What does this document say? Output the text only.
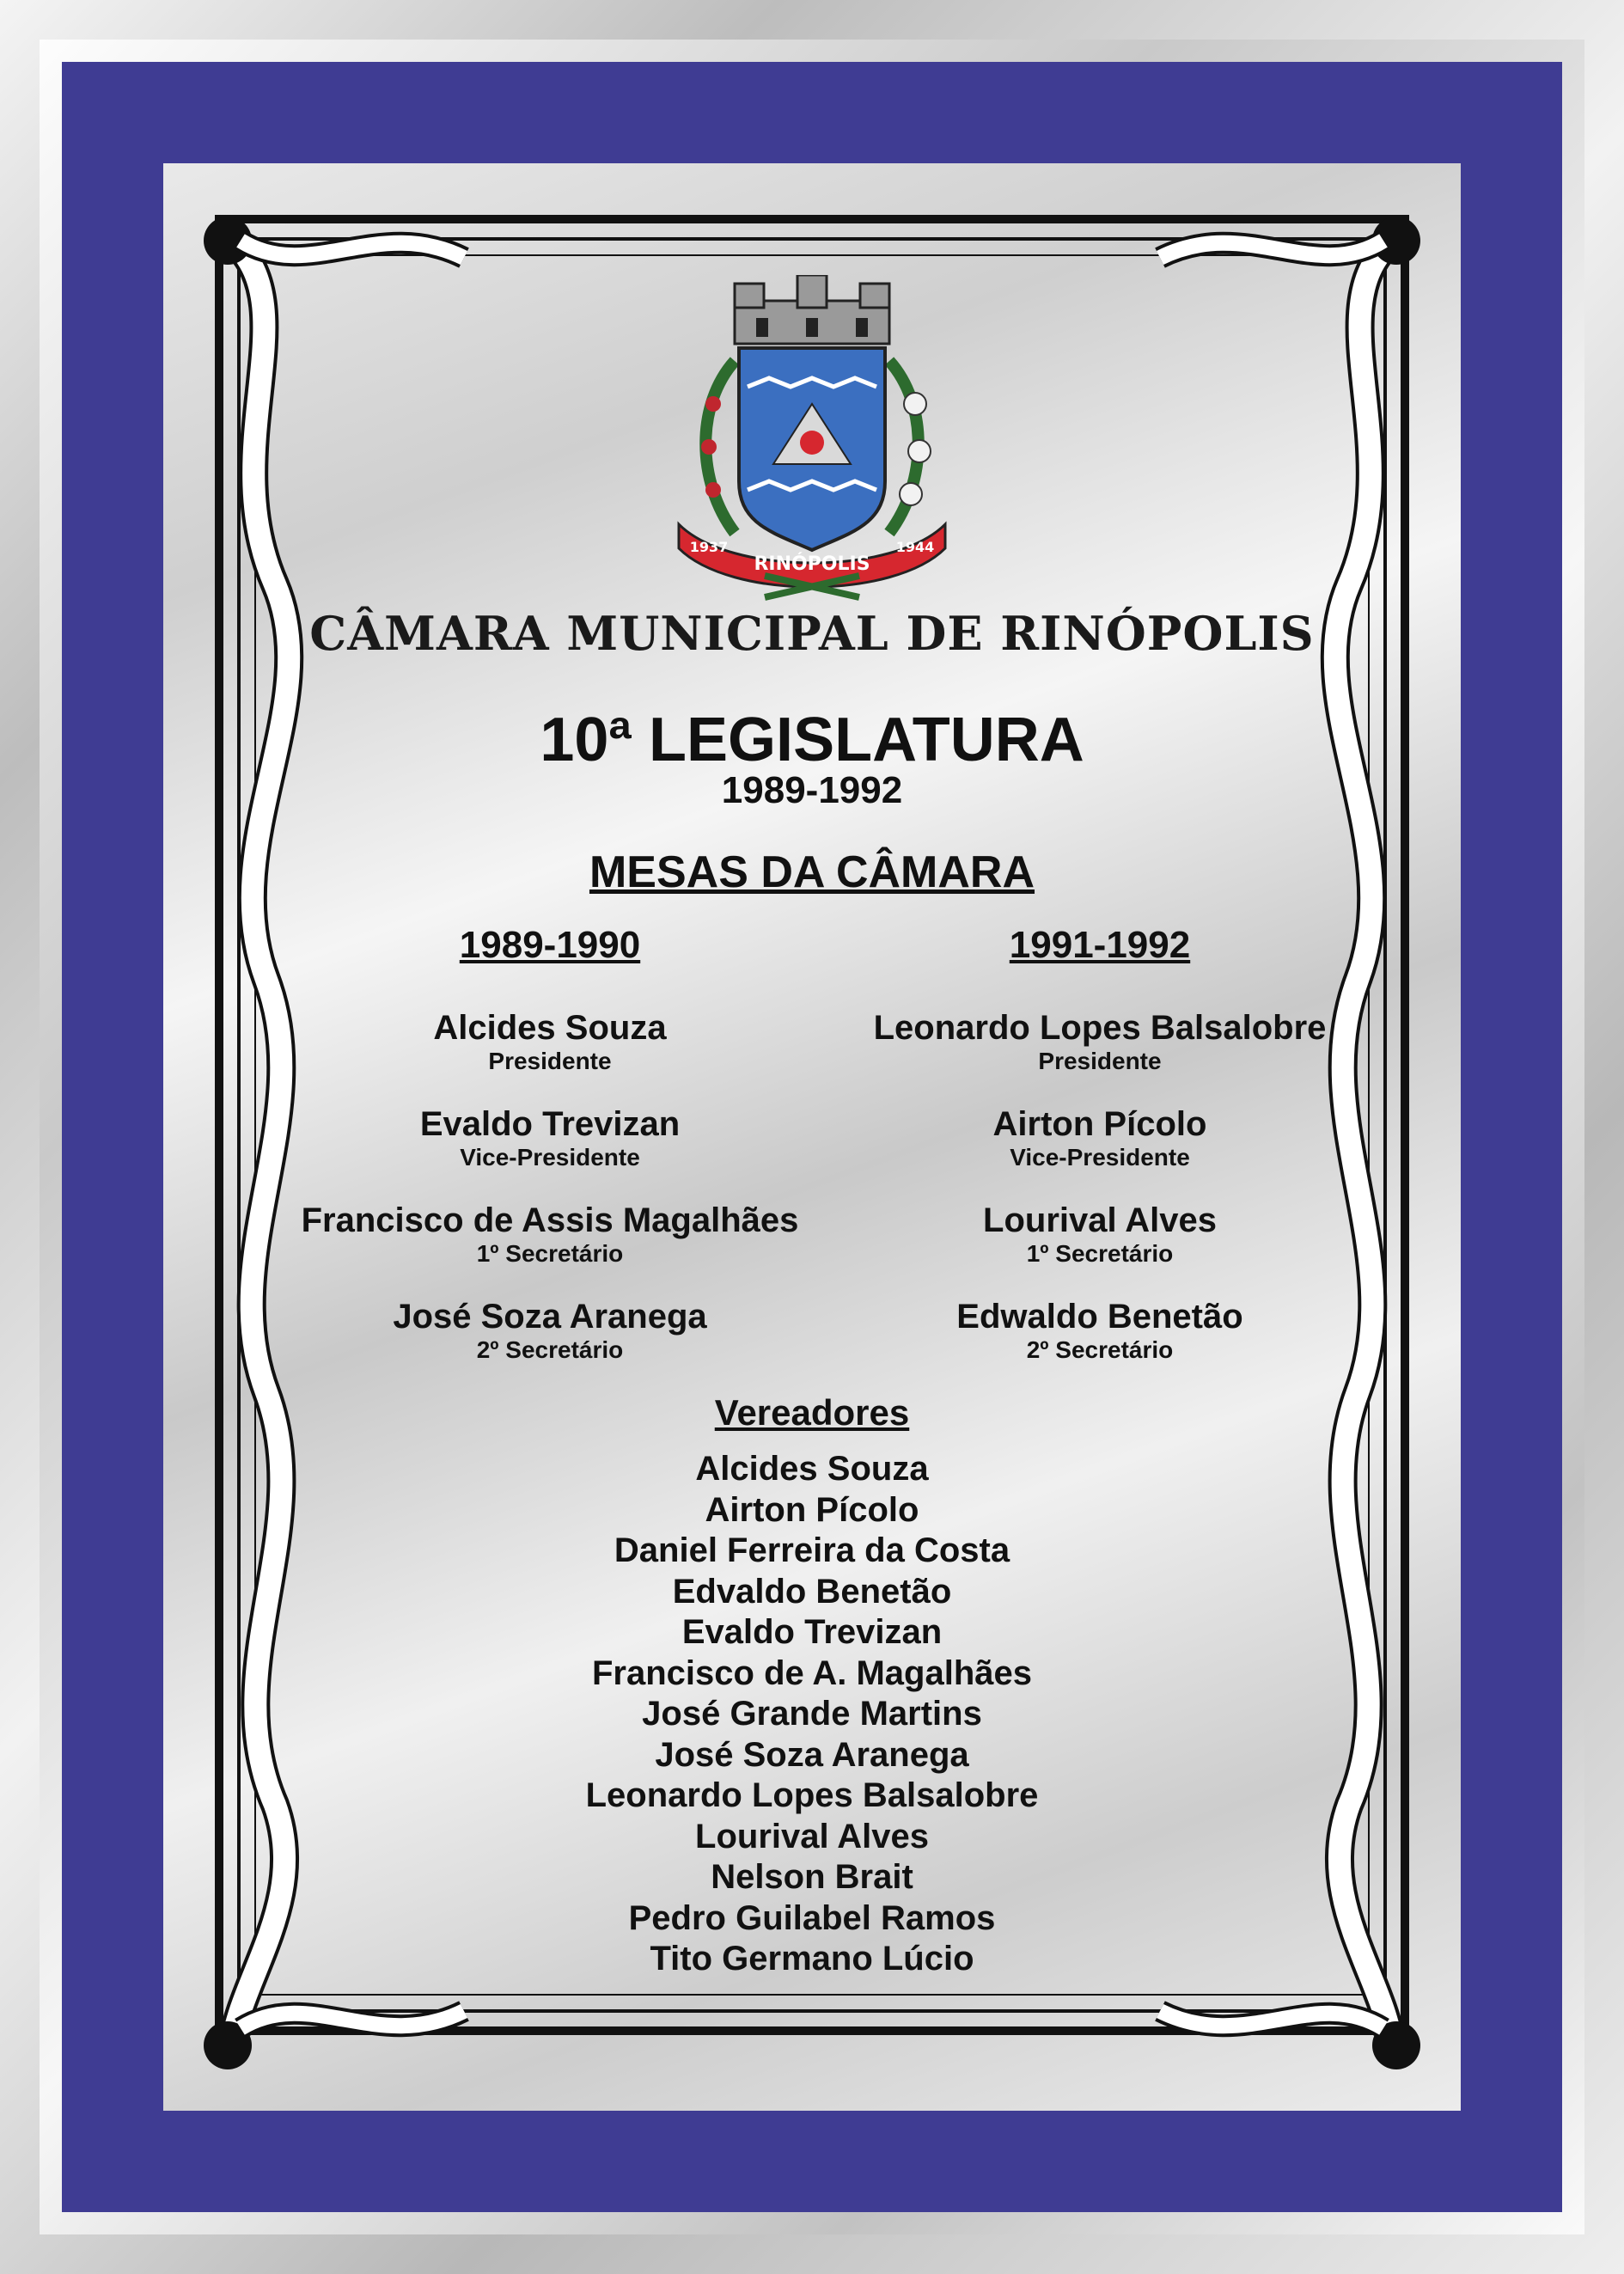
RINÓPOLIS
1937	1944
CÂMARA MUNICIPAL DE RINÓPOLIS
10ª LEGISLATURA
1989-1992
MESAS DA CÂMARA
1989-1990
Alcides Souza
Presidente
Evaldo Trevizan
Vice-Presidente
Francisco de Assis Magalhães
1º Secretário
José Soza Aranega
2º Secretário
1991-1992
Leonardo Lopes Balsalobre
Presidente
Airton Pícolo
Vice-Presidente
Lourival Alves
1º Secretário
Edwaldo Benetão
2º Secretário
Vereadores
Alcides Souza
Airton Pícolo
Daniel Ferreira da Costa
Edvaldo Benetão
Evaldo Trevizan
Francisco de A. Magalhães
José Grande Martins
José Soza Aranega
Leonardo Lopes Balsalobre
Lourival Alves
Nelson Brait
Pedro Guilabel Ramos
Tito Germano Lúcio
